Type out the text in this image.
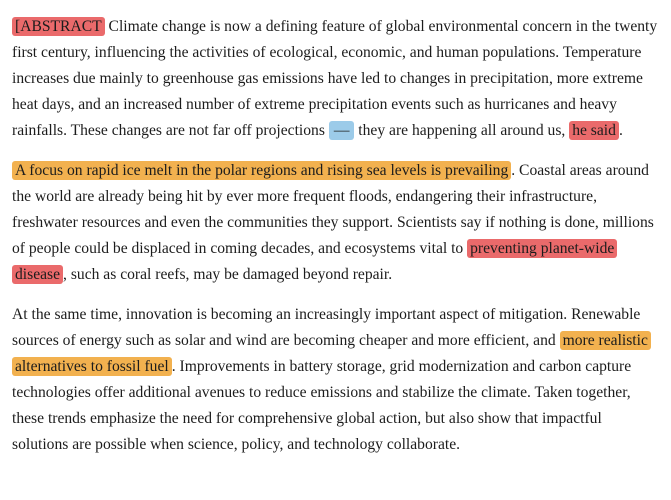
[ABSTRACT Climate change is now a defining feature of global environmental concern in the twenty first century, influencing the activities of ecological, economic, and human populations. Temperature increases due mainly to greenhouse gas emissions have led to changes in precipitation, more extreme heat days, and an increased number of extreme precipitation events such as hurricanes and heavy rainfalls. These changes are not far off projections — they are happening all around us, he said .

A focus on rapid ice melt in the polar regions and rising sea levels is prevailing . Coastal areas around the world are already being hit by ever more frequent floods, endangering their infrastructure, freshwater resources and even the communities they support. Scientists say if nothing is done, millions of people could be displaced in coming decades, and ecosystems vital to preventing planet-wide disease , such as coral reefs, may be damaged beyond repair.

At the same time, innovation is becoming an increasingly important aspect of mitigation. Renewable sources of energy such as solar and wind are becoming cheaper and more efficient, and more realistic alternatives to fossil fuel . Improvements in battery storage, grid modernization and carbon capture technologies offer additional avenues to reduce emissions and stabilize the climate. Taken together, these trends emphasize the need for comprehensive global action, but also show that impactful solutions are possible when science, policy, and technology collaborate.
